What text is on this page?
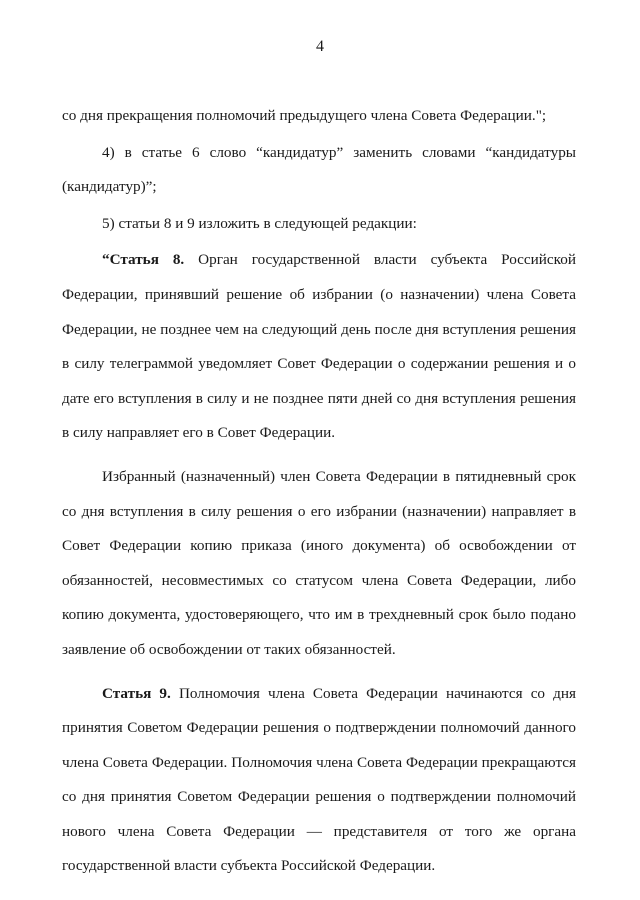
4

со дня прекращения полномочий предыдущего члена Совета Федерации.";

4) в статье 6 слово “кандидатур” заменить словами “кандидатуры (кандидатур)”;

5) статьи 8 и 9 изложить в следующей редакции:

“Статья 8. Орган государственной власти субъекта Российской Федерации, принявший решение об избрании (о назначении) члена Совета Федерации, не позднее чем на следующий день после дня вступления решения в силу телеграммой уведомляет Совет Федерации о содержании решения и о дате его вступления в силу и не позднее пяти дней со дня вступления решения в силу направляет его в Совет Федерации.

Избранный (назначенный) член Совета Федерации в пятидневный срок со дня вступления в силу решения о его избрании (назначении) направляет в Совет Федерации копию приказа (иного документа) об освобождении от обязанностей, несовместимых со статусом члена Совета Федерации, либо копию документа, удостоверяющего, что им в трехдневный срок было подано заявление об освобождении от таких обязанностей.

Статья 9. Полномочия члена Совета Федерации начинаются со дня принятия Советом Федерации решения о подтверждении полномочий данного члена Совета Федерации. Полномочия члена Совета Федерации прекращаются со дня принятия Советом Федерации решения о подтверждении полномочий нового члена Совета Федерации — представителя от того же органа государственной власти субъекта Российской Федерации.
